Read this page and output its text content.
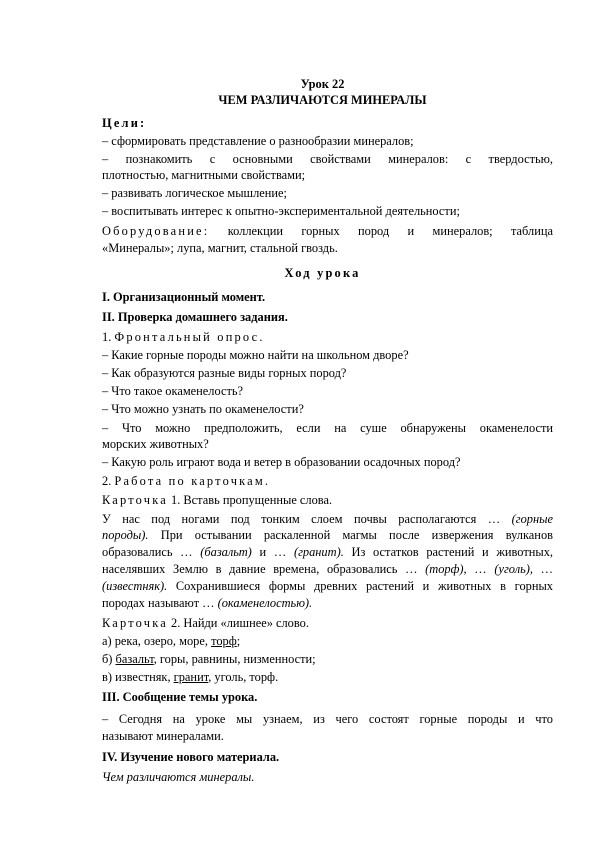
Урок 22
ЧЕМ РАЗЛИЧАЮТСЯ МИНЕРАЛЫ
Цели:
– сформировать представление о разнообразии минералов;
– познакомить с основными свойствами минералов: с твердостью,
плотностью, магнитными свойствами;
– развивать логическое мышление;
– воспитывать интерес к опытно-экспериментальной деятельности;
Оборудование: коллекции горных пород и минералов; таблица
«Минералы»; лупа, магнит, стальной гвоздь.
Ход урока
I. Организационный момент.
II. Проверка домашнего задания.
1. Фронтальный опрос.
– Какие горные породы можно найти на школьном дворе?
– Как образуются разные виды горных пород?
– Что такое окаменелость?
– Что можно узнать по окаменелости?
– Что можно предположить, если на суше обнаружены окаменелости
морских животных?
– Какую роль играют вода и ветер в образовании осадочных пород?
2. Работа по карточкам.
Карточка 1. Вставь пропущенные слова.
У нас под ногами под тонким слоем почвы располагаются … (горные
породы). При остывании раскаленной магмы после извержения вулканов
образовались … (базальт) и … (гранит). Из остатков растений и животных,
населявших Землю в давние времена, образовались … (торф), … (уголь), …
(известняк). Сохранившиеся формы древних растений и животных в горных
породах называют … (окаменелостью).
Карточка 2. Найди «лишнее» слово.
а) река, озеро, море, торф;
б) базальт, горы, равнины, низменности;
в) известняк, гранит, уголь, торф.
III. Сообщение темы урока.
– Сегодня на уроке мы узнаем, из чего состоят горные породы и что
называют минералами.
IV. Изучение нового материала.
Чем различаются минералы.
